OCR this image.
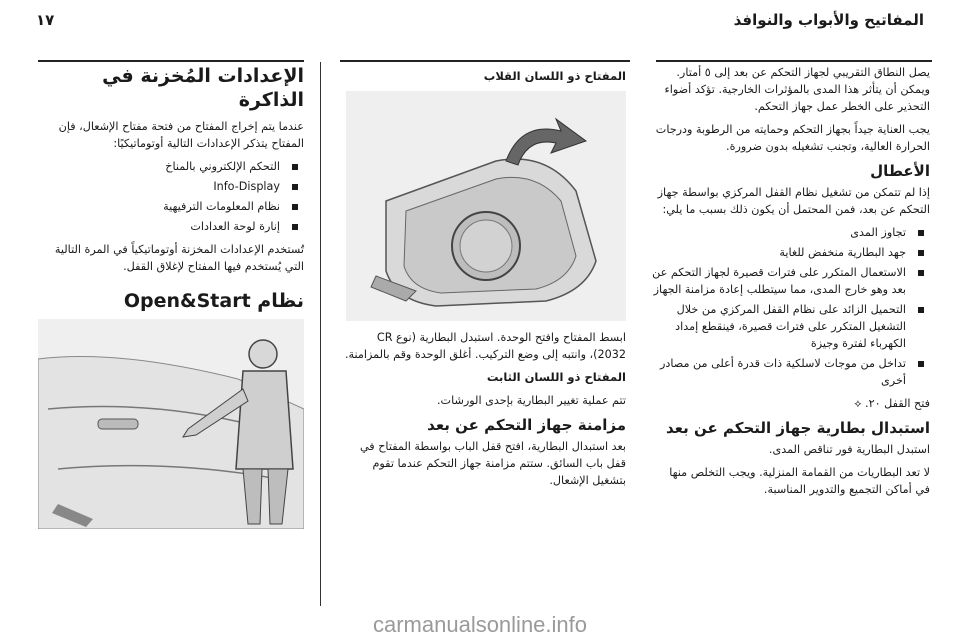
المفاتيح والأبواب والنوافذ
١٧

يصل النطاق التقريبي لجهاز التحكم عن بعد إلى ٥ أمتار. ويمكن أن يتأثر هذا المدى بالمؤثرات الخارجية. تؤكد أضواء التحذير على الخطر عمل جهاز التحكم.

يجب العناية جيداً بجهاز التحكم وحمايته من الرطوبة ودرجات الحرارة العالية، وتجنب تشغيله بدون ضرورة.

الأعطال

إذا لم تتمكن من تشغيل نظام القفل المركزي بواسطة جهاز التحكم عن بعد، فمن المحتمل أن يكون ذلك بسبب ما يلي:

تجاوز المدى
جهد البطارية منخفض للغاية
الاستعمال المتكرر على فترات قصيرة لجهاز التحكم عن بعد وهو خارج المدى، مما سيتطلب إعادة مزامنة الجهاز
التحميل الزائد على نظام القفل المركزي من خلال التشغيل المتكرر على فترات قصيرة، فينقطع إمداد الكهرباء لفترة وجيزة
تداخل من موجات لاسلكية ذات قدرة أعلى من مصادر أخرى

فتح القفل ٢٠. ⟡

استبدال بطارية جهاز التحكم عن بعد

استبدل البطارية فور تناقص المدى.

لا تعد البطاريات من القمامة المنزلية. ويجب التخلص منها في أماكن التجميع والتدوير المناسبة.

المفتاح ذو اللسان القلاب

ابسط المفتاح وافتح الوحدة. استبدل البطارية (نوع CR 2032)، وانتبه إلى وضع التركيب. أغلق الوحدة وقم بالمزامنة.

المفتاح ذو اللسان الثابت

تتم عملية تغيير البطارية بإحدى الورشات.

مزامنة جهاز التحكم عن بعد

بعد استبدال البطارية، افتح قفل الباب بواسطة المفتاح في قفل باب السائق. ستتم مزامنة جهاز التحكم عندما تقوم بتشغيل الإشعال.

الإعدادات المُخزنة في الذاكرة

عندما يتم إخراج المفتاح من فتحة مفتاح الإشعال، فإن المفتاح يتذكر الإعدادات التالية أوتوماتيكيًا:

التحكم الإلكتروني بالمناخ
Info-Display
نظام المعلومات الترفيهية
إنارة لوحة العدادات

تُستخدم الإعدادات المخزنة أوتوماتيكياً في المرة التالية التي يُستخدم فيها المفتاح لإغلاق القفل.

نظام Open&Start
carmanualsonline.info
